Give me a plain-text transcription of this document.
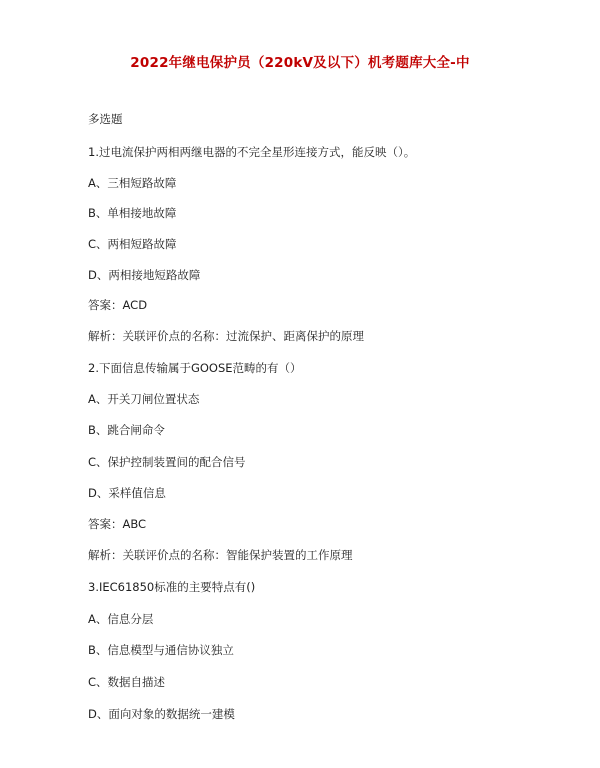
2022年继电保护员（220kV及以下）机考题库大全-中
多选题
1.过电流保护两相两继电器的不完全星形连接方式，能反映（）。
A、三相短路故障
B、单相接地故障
C、两相短路故障
D、两相接地短路故障
答案：ACD
解析：关联评价点的名称：过流保护、距离保护的原理
2.下面信息传输属于GOOSE范畴的有（）
A、开关刀闸位置状态
B、跳合闸命令
C、保护控制装置间的配合信号
D、采样值信息
答案：ABC
解析：关联评价点的名称：智能保护装置的工作原理
3.IEC61850标准的主要特点有()
A、信息分层
B、信息模型与通信协议独立
C、数据自描述
D、面向对象的数据统一建模
